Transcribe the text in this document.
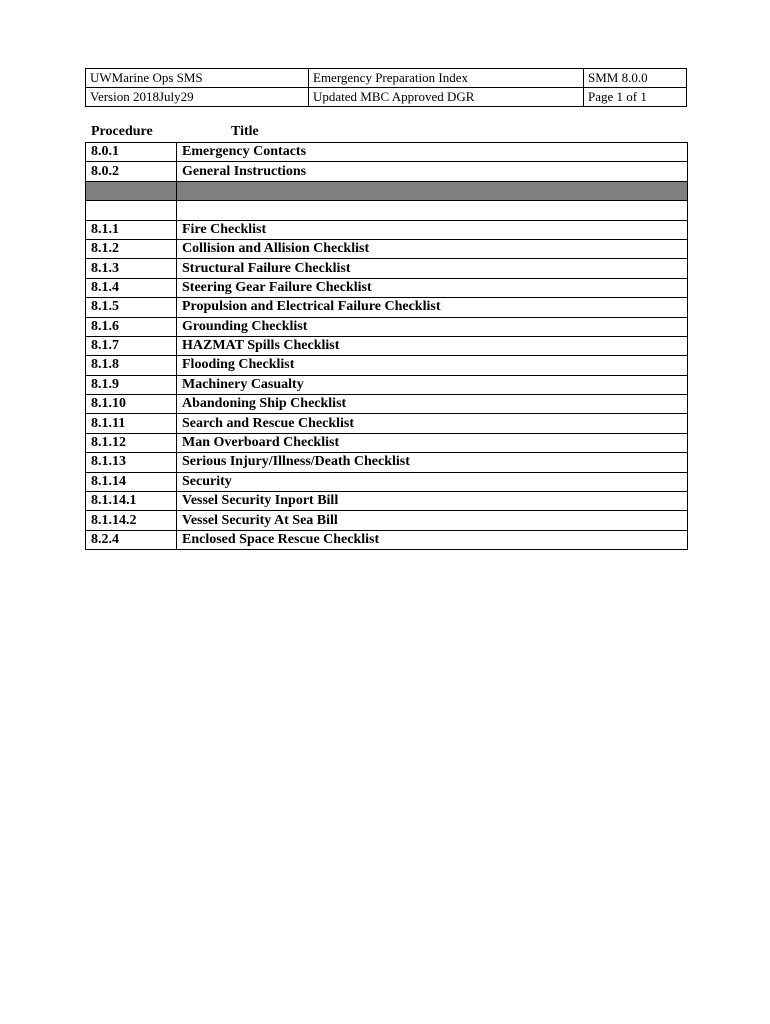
UWMarine Ops SMS	Emergency Preparation Index	SMM 8.0.0
Version 2018July29	Updated MBC Approved DGR	Page 1 of 1
Procedure	Title
8.0.1	Emergency Contacts
8.0.2	General Instructions

8.1.1	Fire Checklist
8.1.2	Collision and Allision Checklist
8.1.3	Structural Failure Checklist
8.1.4	Steering Gear Failure Checklist
8.1.5	Propulsion and Electrical Failure Checklist
8.1.6	Grounding Checklist
8.1.7	HAZMAT Spills Checklist
8.1.8	Flooding Checklist
8.1.9	Machinery Casualty
8.1.10	Abandoning Ship Checklist
8.1.11	Search and Rescue Checklist
8.1.12	Man Overboard Checklist
8.1.13	Serious Injury/Illness/Death Checklist
8.1.14	Security
8.1.14.1	Vessel Security Inport Bill
8.1.14.2	Vessel Security At Sea Bill
8.2.4	Enclosed Space Rescue Checklist
